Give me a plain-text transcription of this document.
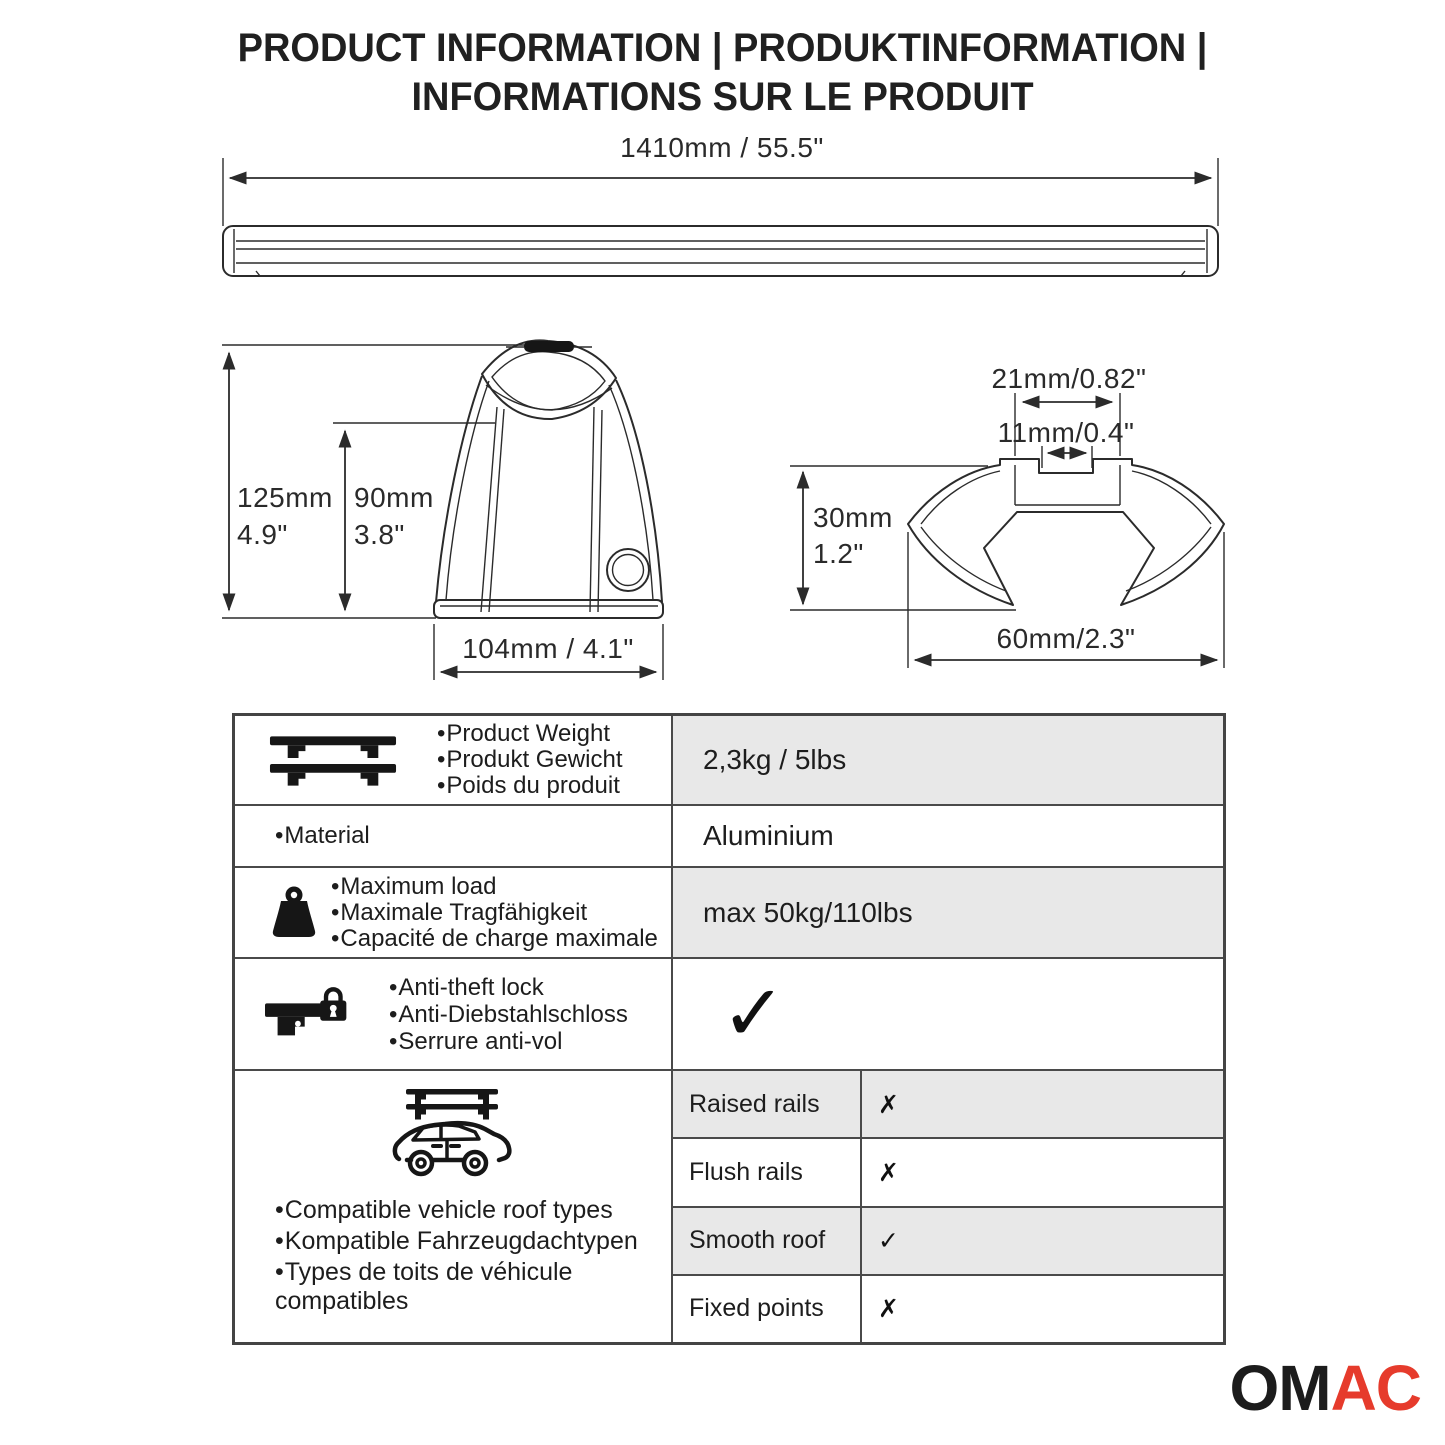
PRODUCT INFORMATION | PRODUKTINFORMATION |
INFORMATIONS SUR LE PRODUIT
1410mm / 55.5"
125mm
4.9"
90mm
3.8"
104mm / 4.1"
21mm/0.82"
11mm/0.4"
30mm
1.2"
60mm/2.3"
• Product Weight
• Produkt Gewicht
• Poids du produit
2,3kg / 5lbs
• Material	Aluminium
• Maximum load
• Maximale Tragfähigkeit
• Capacité de charge maximale
max 50kg/110lbs
• Anti-theft lock
• Anti-Diebstahlschloss
• Serrure anti-vol	✓
• Compatible vehicle roof types
• Kompatible Fahrzeugdachtypen
• Types de toits de véhicule compatibles
Raised rails	✗
Flush rails	✗
Smooth roof	✓
Fixed points	✗
OMAC
